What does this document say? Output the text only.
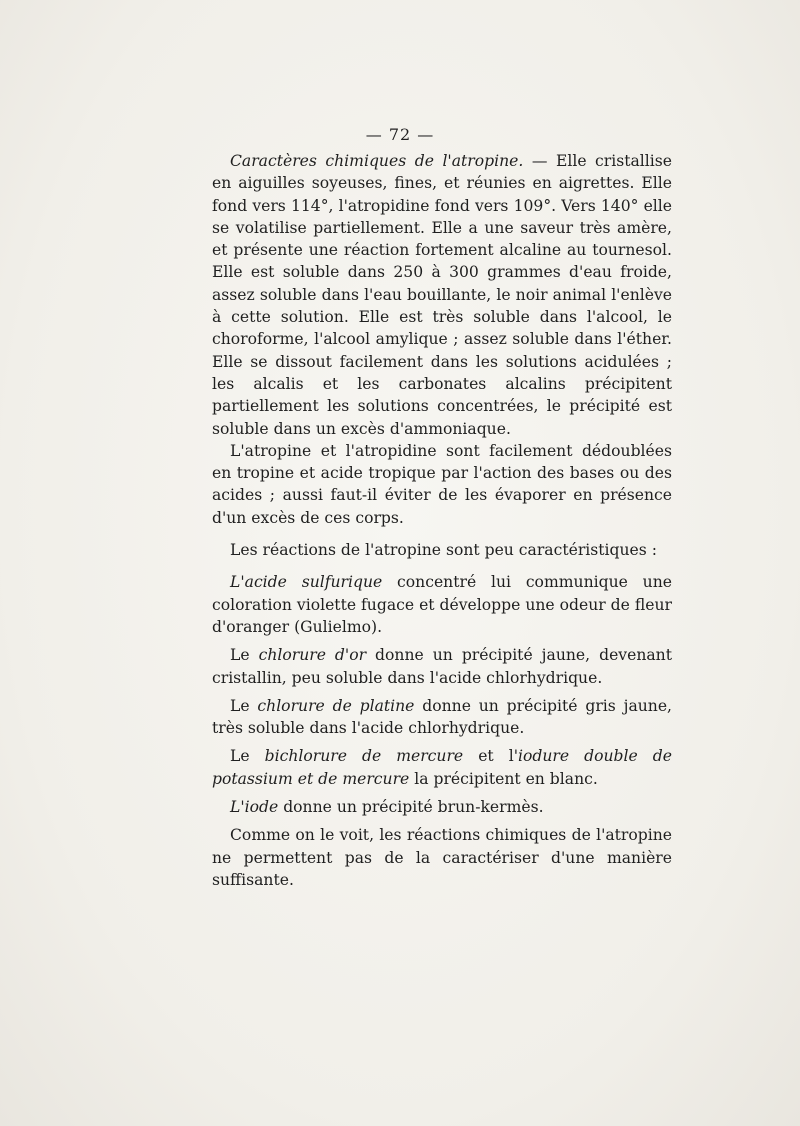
— 72 —

Caractères chimiques de l'atropine. — Elle cristallise en aiguilles soyeuses, fines, et réunies en aigrettes. Elle fond vers 114°, l'atropidine fond vers 109°. Vers 140° elle se volatilise partiellement. Elle a une saveur très amère, et présente une réaction fortement alcaline au tournesol. Elle est soluble dans 250 à 300 grammes d'eau froide, assez soluble dans l'eau bouillante, le noir animal l'enlève à cette solution. Elle est très soluble dans l'alcool, le choroforme, l'alcool amylique ; assez soluble dans l'éther. Elle se dissout facilement dans les solutions acidulées ; les alcalis et les carbonates alcalins précipitent partiellement les solutions concentrées, le précipité est soluble dans un excès d'ammoniaque.

L'atropine et l'atropidine sont facilement dédoublées en tropine et acide tropique par l'action des bases ou des acides ; aussi faut-il éviter de les évaporer en présence d'un excès de ces corps.

Les réactions de l'atropine sont peu caractéristiques :

L'acide sulfurique concentré lui communique une coloration violette fugace et développe une odeur de fleur d'oranger (Gulielmo).

Le chlorure d'or donne un précipité jaune, devenant cristallin, peu soluble dans l'acide chlorhydrique.

Le chlorure de platine donne un précipité gris jaune, très soluble dans l'acide chlorhydrique.

Le bichlorure de mercure et l'iodure double de potassium et de mercure la précipitent en blanc.

L'iode donne un précipité brun-kermès.

Comme on le voit, les réactions chimiques de l'atropine ne permettent pas de la caractériser d'une manière suffisante.
